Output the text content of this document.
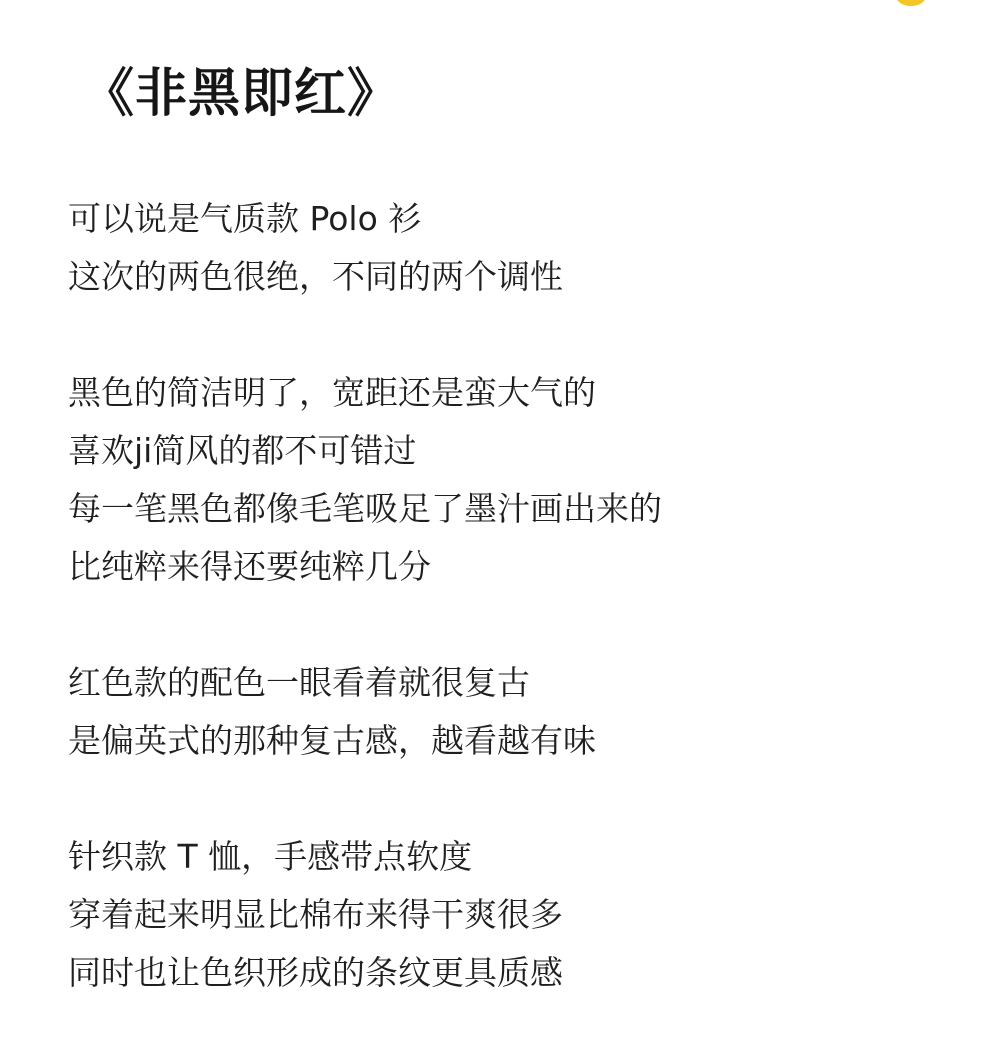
《非黑即红》
可以说是气质款 Polo 衫
这次的两色很绝，不同的两个调性
黑色的简洁明了，宽距还是蛮大气的
喜欢ji简风的都不可错过
每一笔黑色都像毛笔吸足了墨汁画出来的
比纯粹来得还要纯粹几分
红色款的配色一眼看着就很复古
是偏英式的那种复古感，越看越有味
针织款 T 恤，手感带点软度
穿着起来明显比棉布来得干爽很多
同时也让色织形成的条纹更具质感
